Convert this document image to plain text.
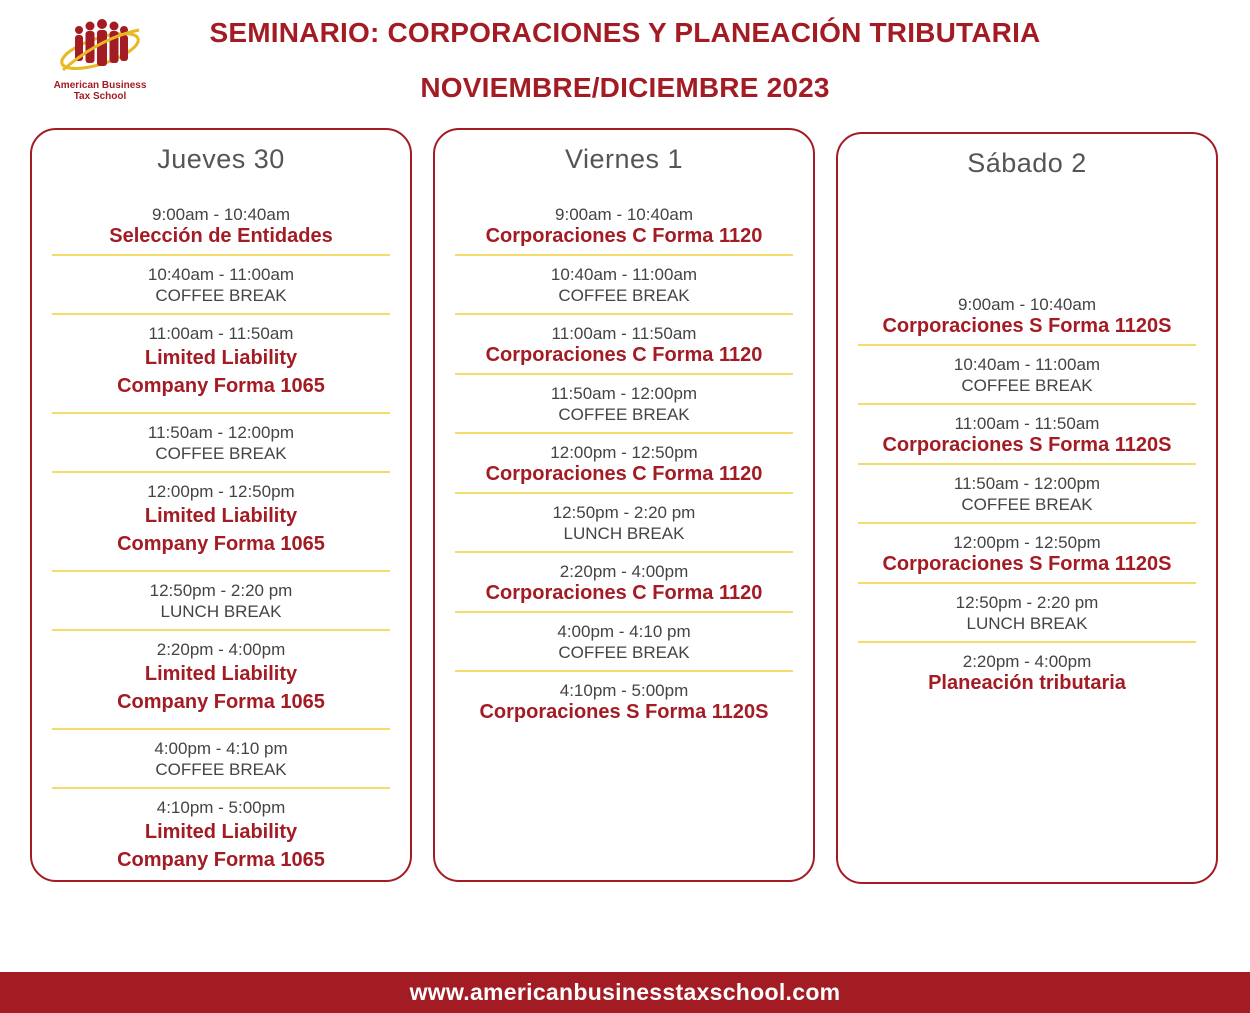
American Business
Tax School
SEMINARIO: CORPORACIONES Y PLANEACIÓN TRIBUTARIA
NOVIEMBRE/DICIEMBRE 2023
Jueves 30
9:00am - 10:40am
Selección de Entidades
10:40am - 11:00am
COFFEE BREAK
11:00am - 11:50am
Limited Liability
Company Forma 1065
11:50am - 12:00pm
COFFEE BREAK
12:00pm - 12:50pm
Limited Liability
Company Forma 1065
12:50pm - 2:20 pm
LUNCH BREAK
2:20pm - 4:00pm
Limited Liability
Company Forma 1065
4:00pm - 4:10 pm
COFFEE BREAK
4:10pm - 5:00pm
Limited Liability
Company Forma 1065
Viernes 1
9:00am - 10:40am
Corporaciones C Forma 1120
10:40am - 11:00am
COFFEE BREAK
11:00am - 11:50am
Corporaciones C Forma 1120
11:50am - 12:00pm
COFFEE BREAK
12:00pm - 12:50pm
Corporaciones C Forma 1120
12:50pm - 2:20 pm
LUNCH BREAK
2:20pm - 4:00pm
Corporaciones C Forma 1120
4:00pm - 4:10 pm
COFFEE BREAK
4:10pm - 5:00pm
Corporaciones S Forma 1120S
Sábado 2
9:00am - 10:40am
Corporaciones S Forma 1120S
10:40am - 11:00am
COFFEE BREAK
11:00am - 11:50am
Corporaciones S Forma 1120S
11:50am - 12:00pm
COFFEE BREAK
12:00pm - 12:50pm
Corporaciones S Forma 1120S
12:50pm - 2:20 pm
LUNCH BREAK
2:20pm - 4:00pm
Planeación tributaria
www.americanbusinesstaxschool.com
